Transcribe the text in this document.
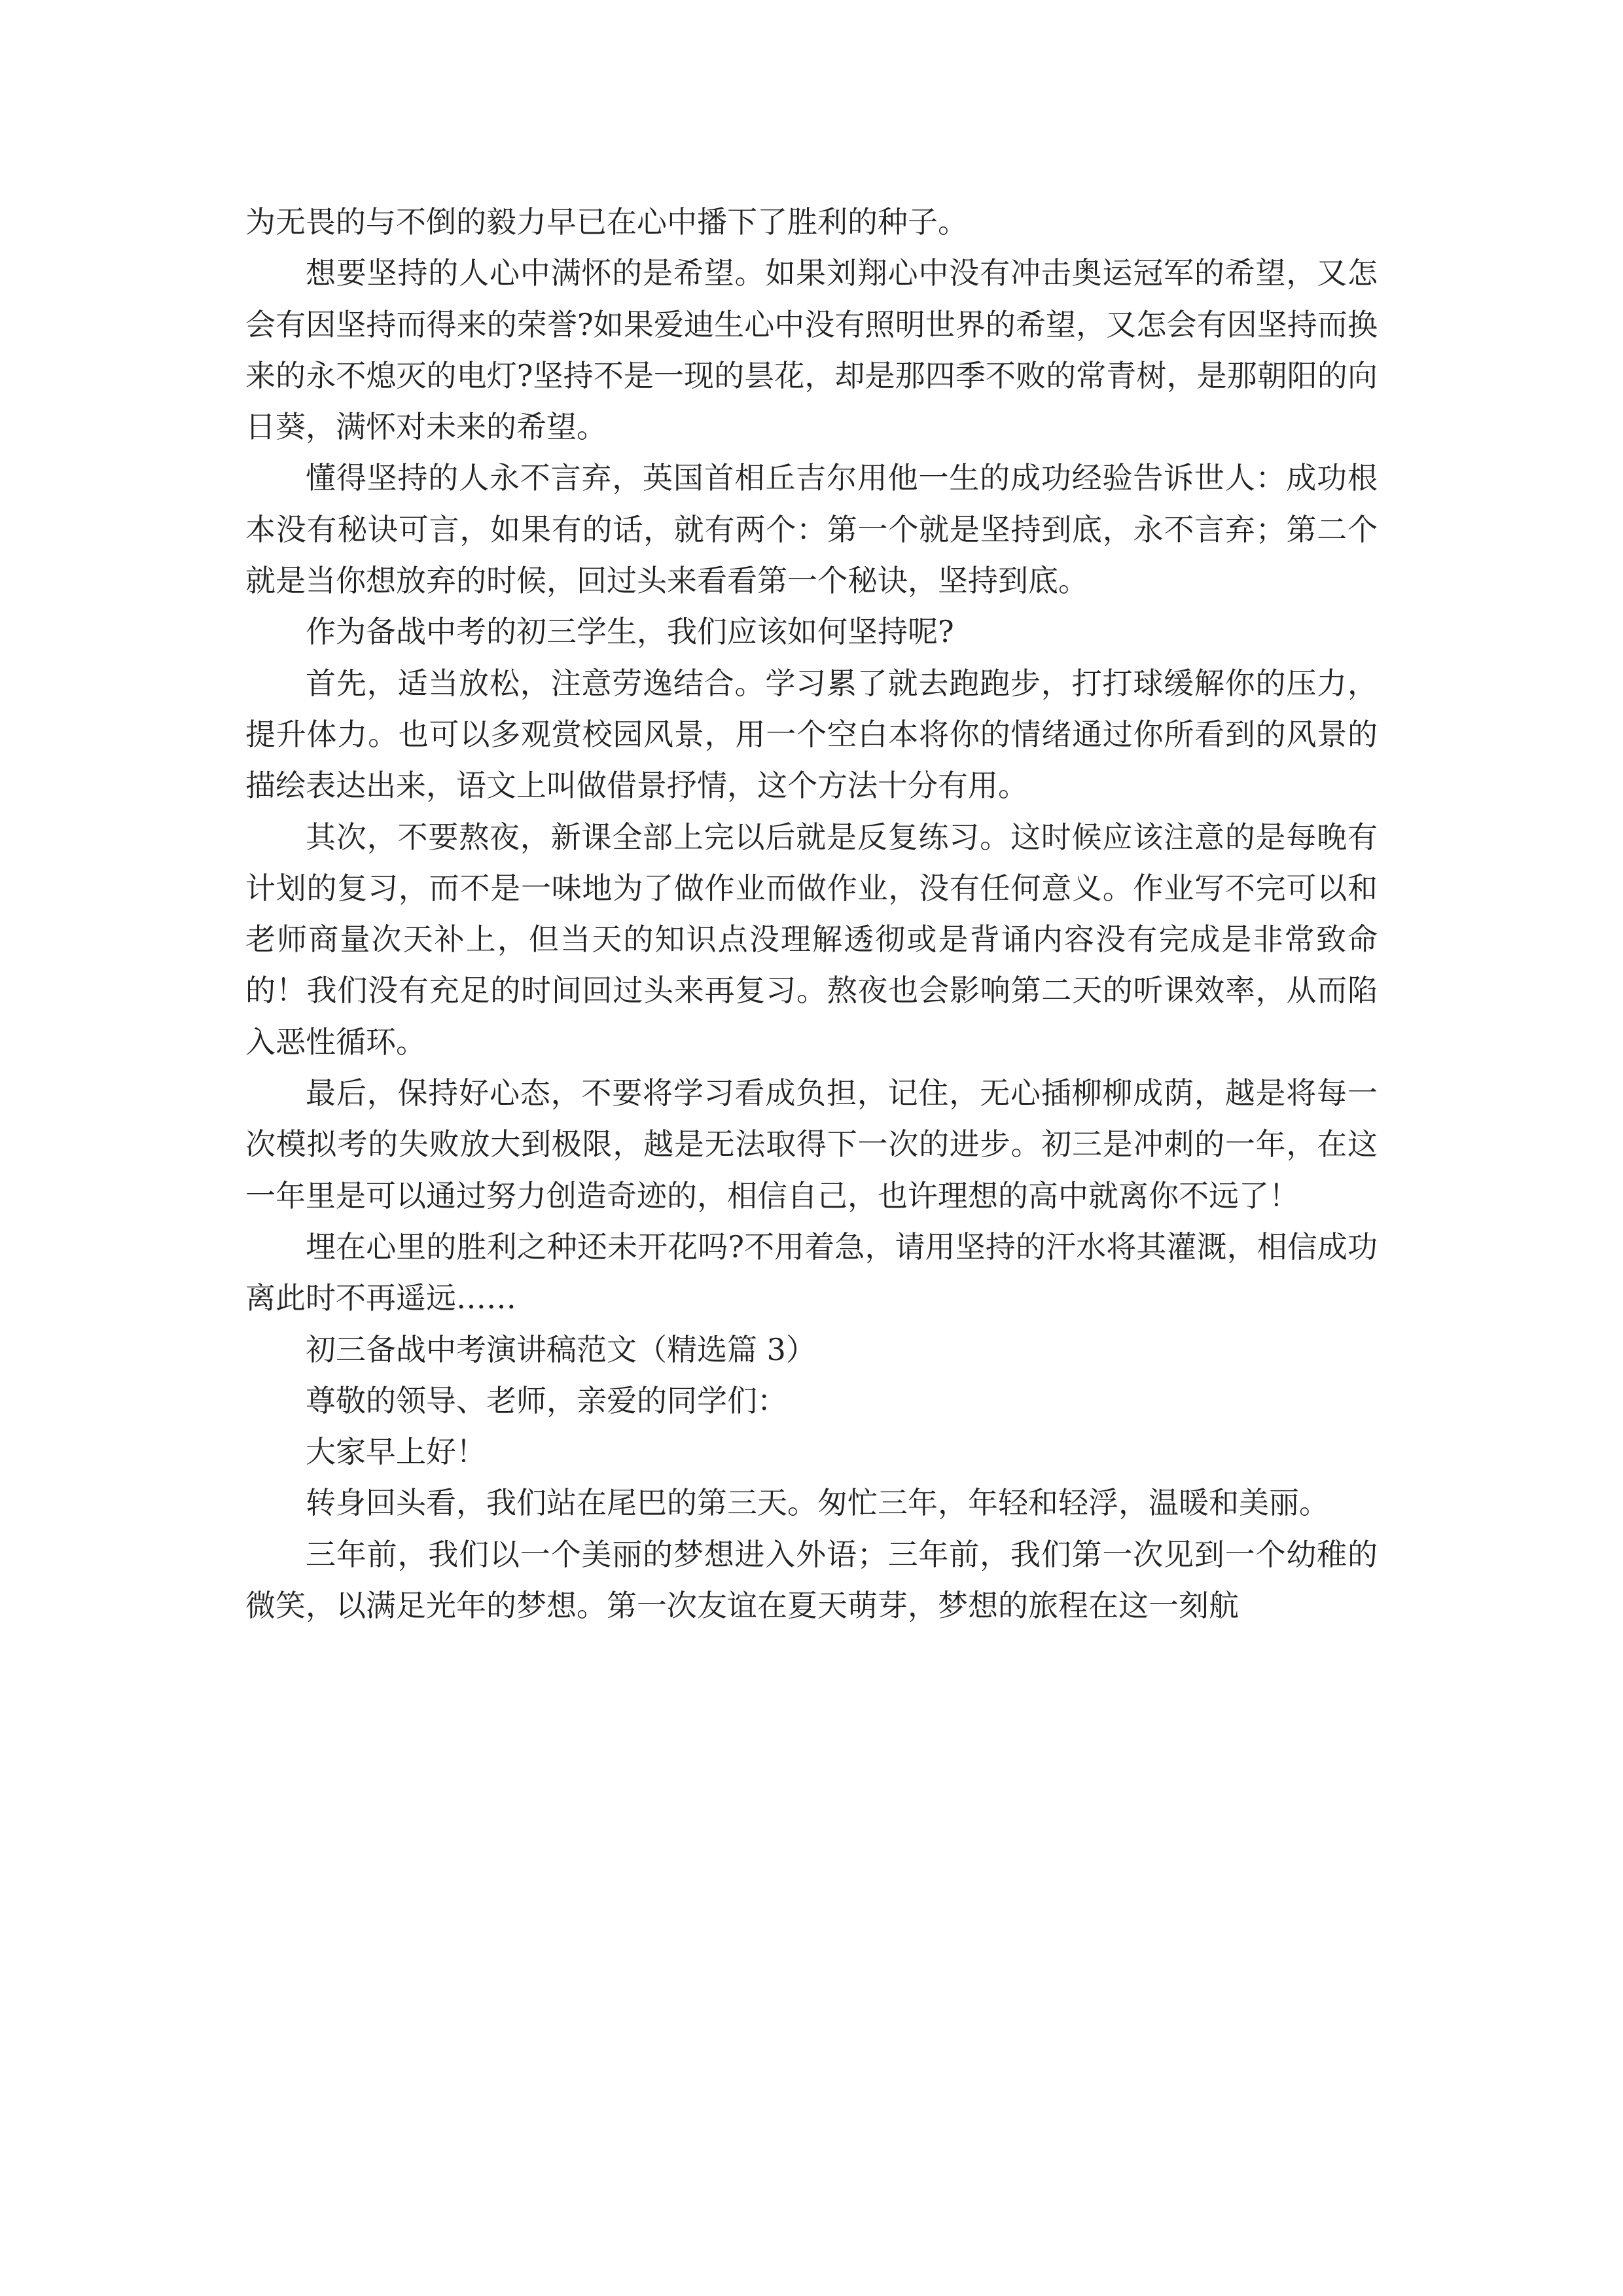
为无畏的与不倒的毅力早已在心中播下了胜利的种子。

想要坚持的人心中满怀的是希望。如果刘翔心中没有冲击奥运冠军的希望，又怎会有因坚持而得来的荣誉?如果爱迪生心中没有照明世界的希望，又怎会有因坚持而换来的永不熄灭的电灯?坚持不是一现的昙花，却是那四季不败的常青树，是那朝阳的向日葵，满怀对未来的希望。

懂得坚持的人永不言弃，英国首相丘吉尔用他一生的成功经验告诉世人：成功根本没有秘诀可言，如果有的话，就有两个：第一个就是坚持到底，永不言弃；第二个就是当你想放弃的时候，回过头来看看第一个秘诀，坚持到底。

作为备战中考的初三学生，我们应该如何坚持呢?

首先，适当放松，注意劳逸结合。学习累了就去跑跑步，打打球缓解你的压力，提升体力。也可以多观赏校园风景，用一个空白本将你的情绪通过你所看到的风景的描绘表达出来，语文上叫做借景抒情，这个方法十分有用。

其次，不要熬夜，新课全部上完以后就是反复练习。这时候应该注意的是每晚有计划的复习，而不是一味地为了做作业而做作业，没有任何意义。作业写不完可以和老师商量次天补上，但当天的知识点没理解透彻或是背诵内容没有完成是非常致命的！我们没有充足的时间回过头来再复习。熬夜也会影响第二天的听课效率，从而陷入恶性循环。

最后，保持好心态，不要将学习看成负担，记住，无心插柳柳成荫，越是将每一次模拟考的失败放大到极限，越是无法取得下一次的进步。初三是冲刺的一年，在这一年里是可以通过努力创造奇迹的，相信自己，也许理想的高中就离你不远了！

埋在心里的胜利之种还未开花吗?不用着急，请用坚持的汗水将其灌溉，相信成功离此时不再遥远……

初三备战中考演讲稿范文（精选篇 3）

尊敬的领导、老师，亲爱的同学们：

大家早上好！

转身回头看，我们站在尾巴的第三天。匆忙三年，年轻和轻浮，温暖和美丽。

三年前，我们以一个美丽的梦想进入外语；三年前，我们第一次见到一个幼稚的微笑，以满足光年的梦想。第一次友谊在夏天萌芽，梦想的旅程在这一刻航
